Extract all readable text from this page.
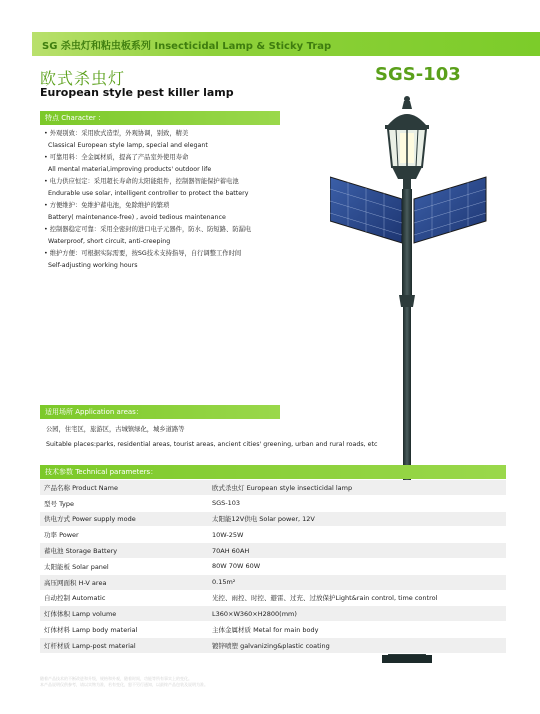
SG 杀虫灯和粘虫板系列 Insecticidal Lamp & Sticky Trap
欧式杀虫灯
European style pest killer lamp
SGS-103
特点 Character ：
• 外观别致：采用欧式造型，外观协调，别致，精美
Classical European style lamp, special and elegant
• 可靠用料：全金属材质，提高了产品室外使用寿命
All mental material,improving products' outdoor life
• 电力供应恒定：采用超长寿命的太阳能组件，控制器智能保护蓄电池
Endurable use solar, intelligent controller to protect the battery
• 方便维护：免维护蓄电池，免除维护的繁琐
Battery( maintenance-free) , avoid tedious maintenance
• 控制器稳定可靠：采用全密封的进口电子元器件，防水、防短路、防漏电
Waterproof, short circuit, anti-creeping
• 维护方便：可根据实际需要，按SG技术支持指导，自行调整工作时间
Self-adjusting working hours
适用场所 Application areas：
公园，住宅区，旅游区，古城镇绿化，城乡道路等
Suitable places:parks, residential areas, tourist areas, ancient cities' greening, urban and rural roads, etc
技术参数 Technical parameters：
产品名称 Product Name	欧式杀虫灯 European style insecticidal lamp
型号 Type	SGS-103
供电方式 Power supply mode	太阳能12V供电 Solar power, 12V
功率 Power	10W-25W
蓄电池 Storage Battery	70AH 60AH
太阳能板 Solar panel	80W 70W 60W
高压网面积 H-V area	0.15m²
自动控制 Automatic	光控、雨控、时控、避雷、过充、过放保护Light&rain control, time control
灯体体积 Lamp volume	L360×W360×H2800(mm)
灯体材料 Lamp body material	主体金属材质 Metal for main body
灯杆材质 Lamp-post material	镀锌喷塑 galvanizing&plastic coating
随着产品技术的不断改进和升级，规格和外观，随着时间，功能等所有事实上的变化。
本产品说明仅供参考，请以实物为准，若有变化，恕不另行通知，以最终产品包装及说明为准。
